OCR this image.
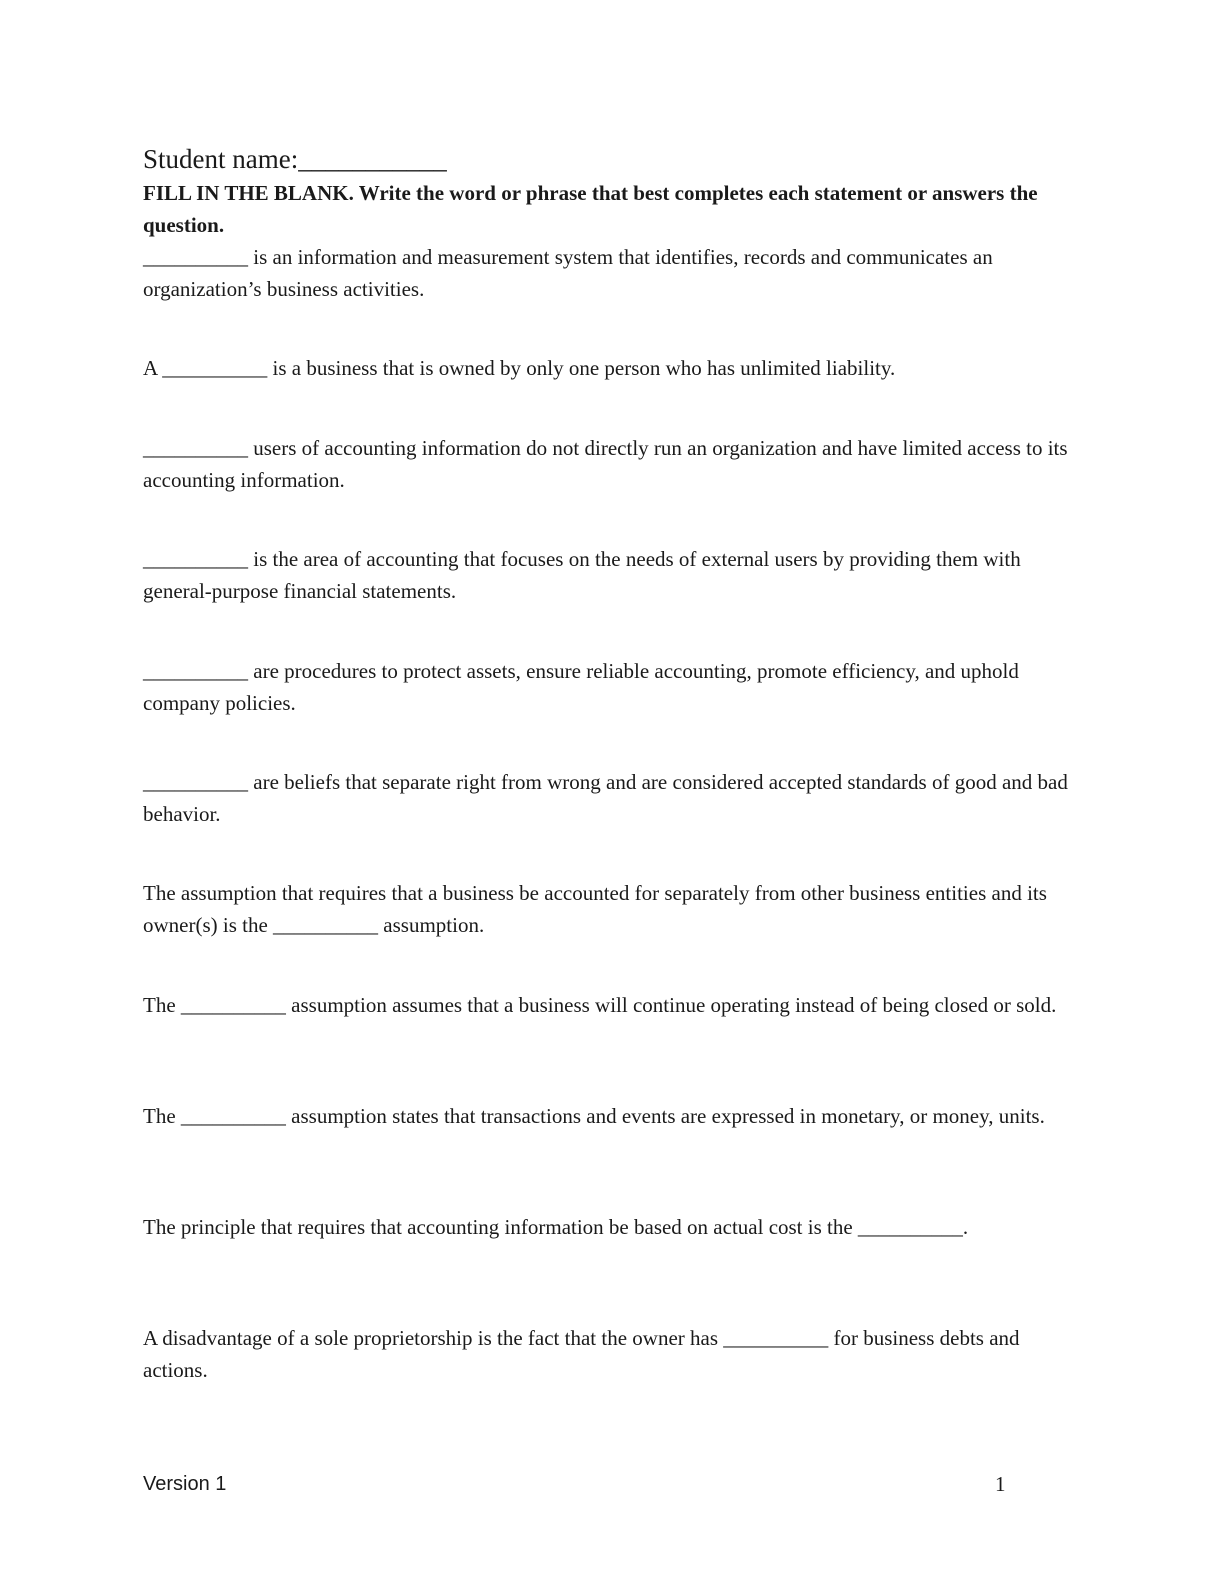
Student name:___________
FILL IN THE BLANK. Write the word or phrase that best completes each statement or answers the question.
__________ is an information and measurement system that identifies, records and communicates an organization’s business activities.
A __________ is a business that is owned by only one person who has unlimited liability.
__________ users of accounting information do not directly run an organization and have limited access to its accounting information.
__________ is the area of accounting that focuses on the needs of external users by providing them with general-purpose financial statements.
__________ are procedures to protect assets, ensure reliable accounting, promote efficiency, and uphold company policies.
__________ are beliefs that separate right from wrong and are considered accepted standards of good and bad behavior.
The assumption that requires that a business be accounted for separately from other business entities and its owner(s) is the __________ assumption.
The __________ assumption assumes that a business will continue operating instead of being closed or sold.
The __________ assumption states that transactions and events are expressed in monetary, or money, units.
The principle that requires that accounting information be based on actual cost is the __________.
A disadvantage of a sole proprietorship is the fact that the owner has __________ for business debts and actions.
Version 1	1
